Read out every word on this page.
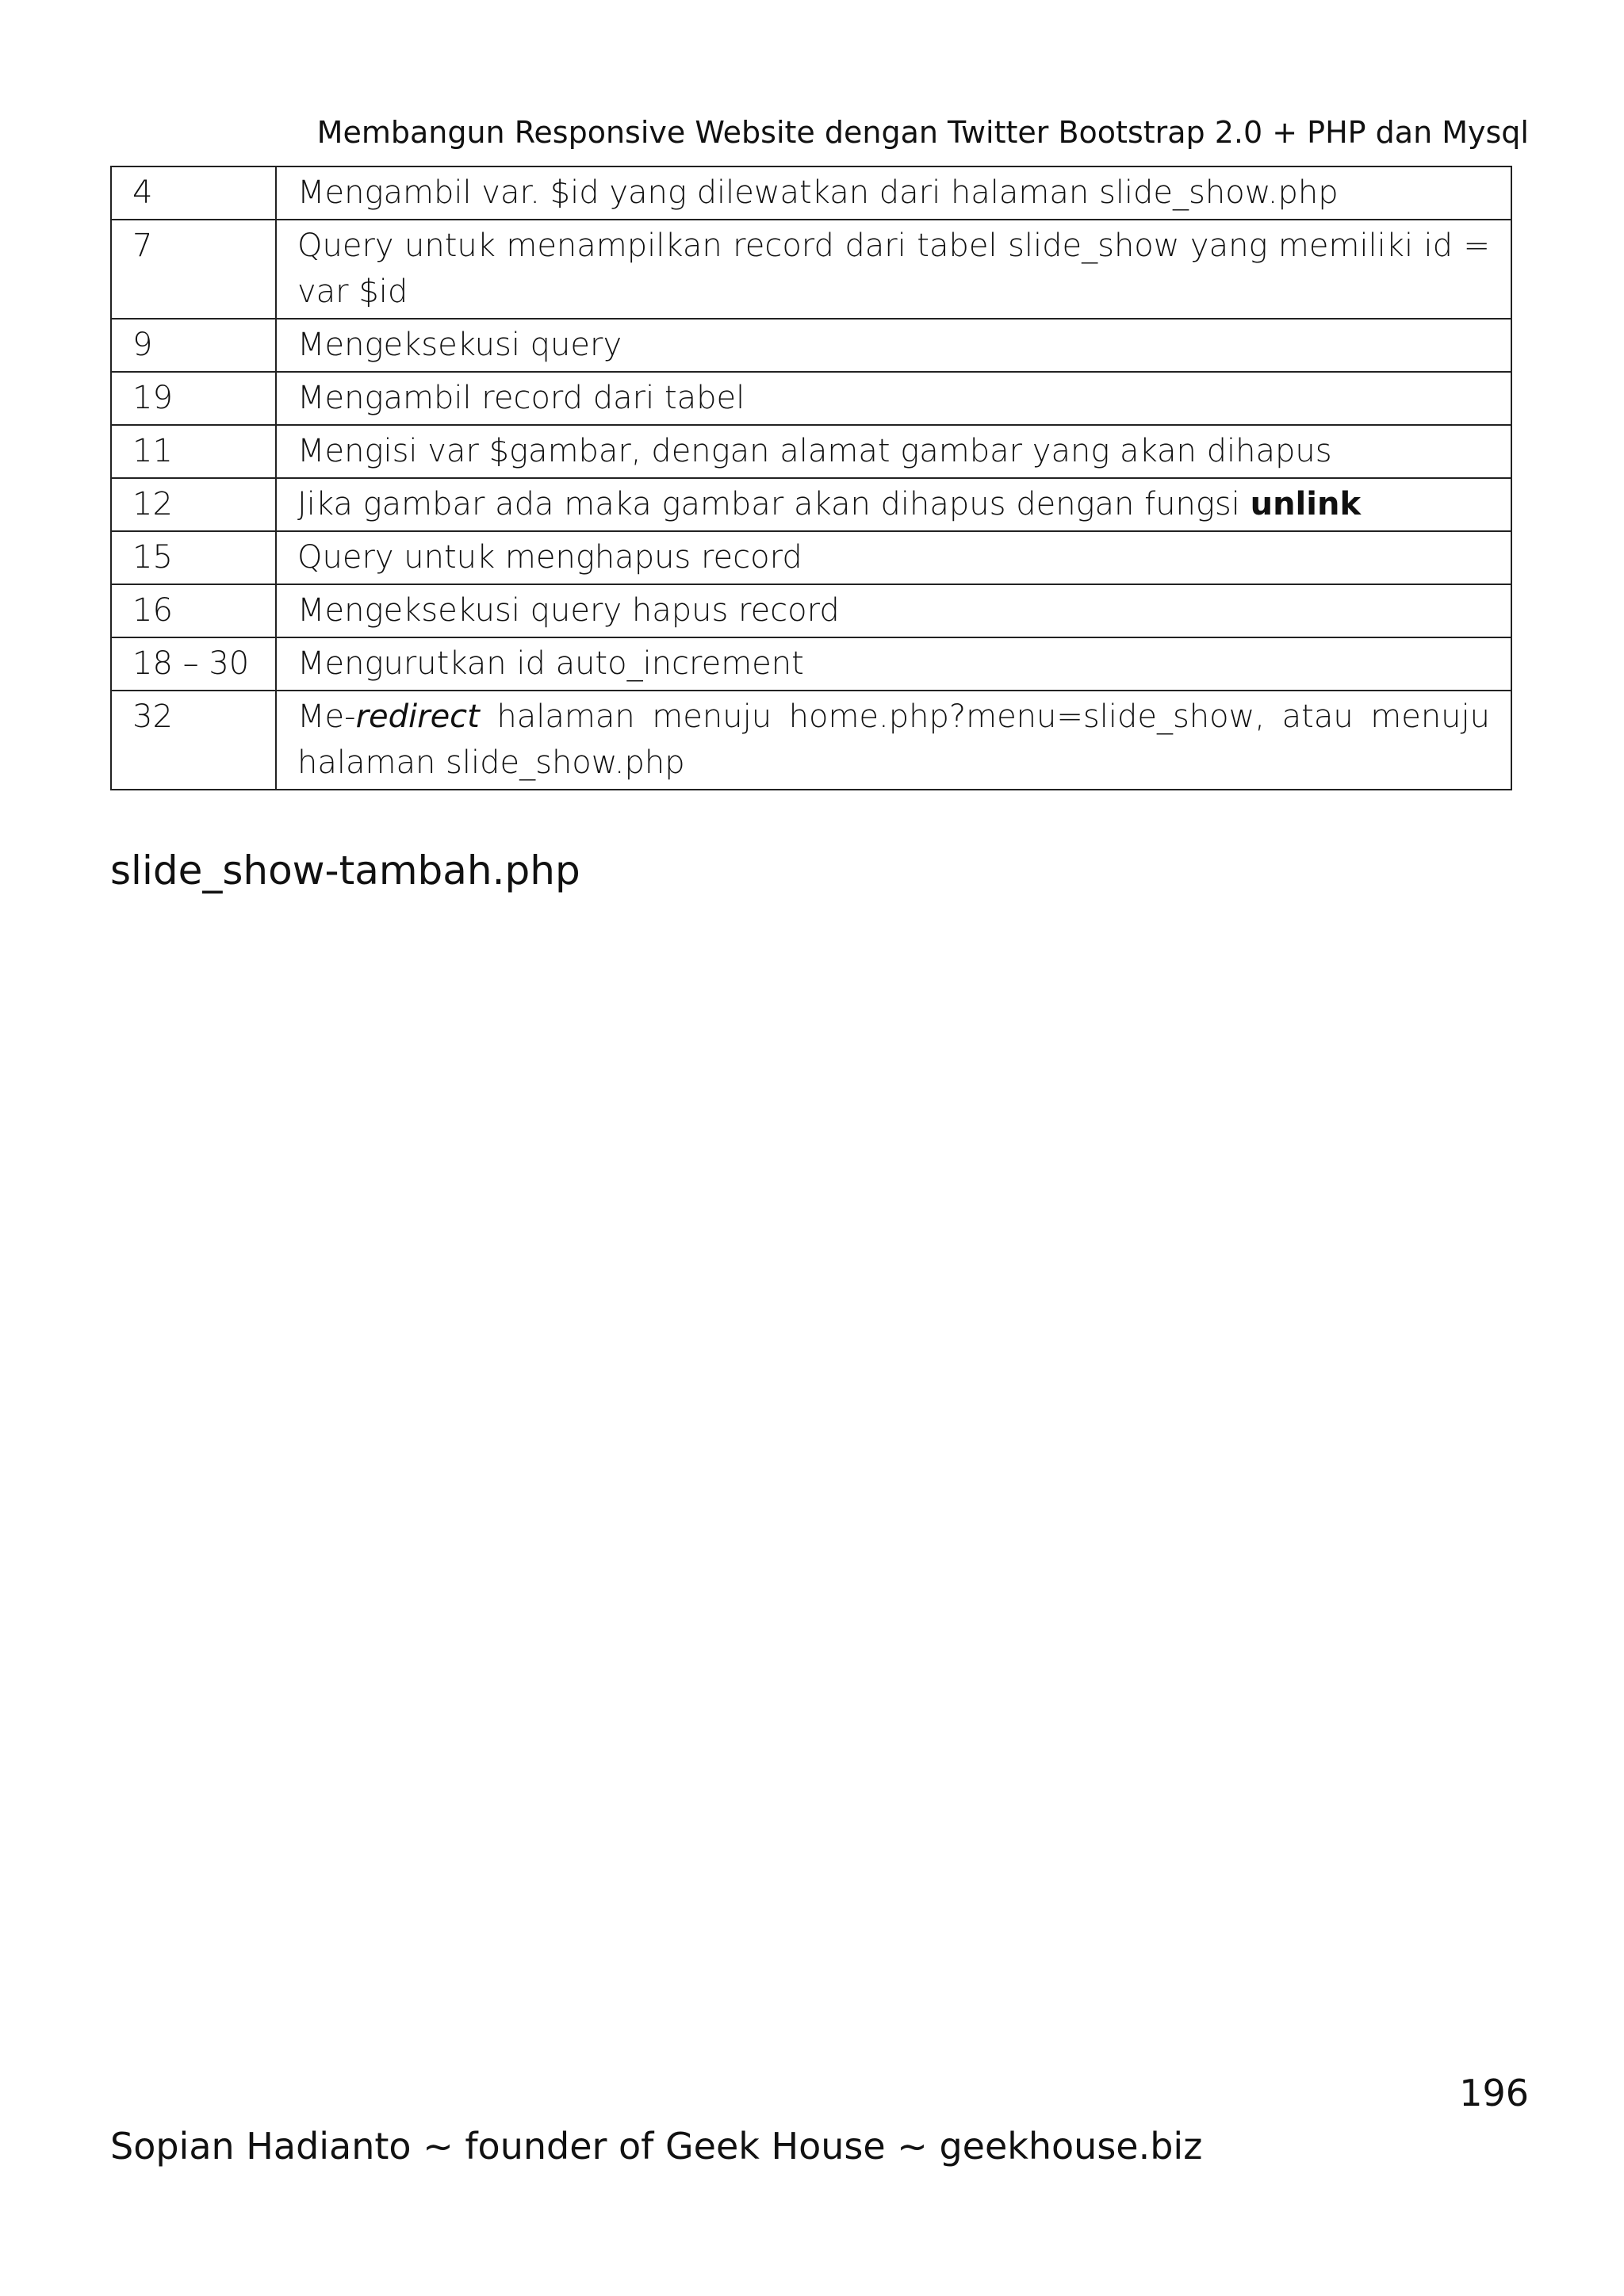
Membangun Responsive Website dengan Twitter Bootstrap 2.0 + PHP dan Mysql
4	Mengambil var. $id yang dilewatkan dari halaman slide_show.php
7	Query untuk menampilkan record dari tabel slide_show yang memiliki id = var $id
9	Mengeksekusi query
19	Mengambil record dari tabel
11	Mengisi var $gambar, dengan alamat gambar yang akan dihapus
12	Jika gambar ada maka gambar akan dihapus dengan fungsi unlink
15	Query untuk menghapus record
16	Mengeksekusi query hapus record
18 – 30	Mengurutkan id auto_increment
32	Me-redirect halaman menuju home.php?menu=slide_show, atau menuju halaman slide_show.php
slide_show-tambah.php
196
Sopian Hadianto ~ founder of Geek House ~ geekhouse.biz
